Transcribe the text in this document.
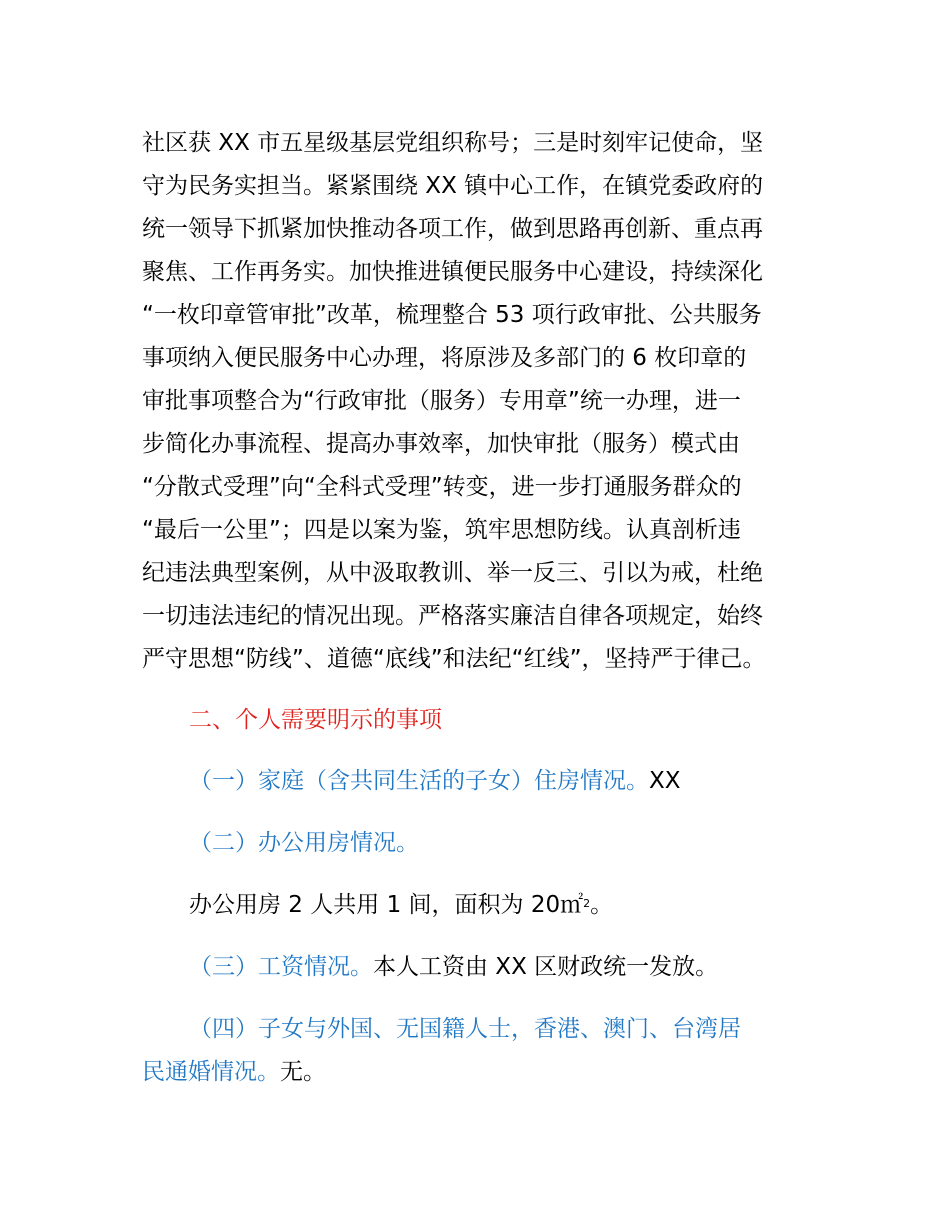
社区获 XX 市五星级基层党组织称号；三是时刻牢记使命，坚
守为民务实担当。紧紧围绕 XX 镇中心工作，在镇党委政府的
统一领导下抓紧加快推动各项工作，做到思路再创新、重点再
聚焦、工作再务实。加快推进镇便民服务中心建设，持续深化
“一枚印章管审批”改革，梳理整合 53 项行政审批、公共服务
事项纳入便民服务中心办理，将原涉及多部门的 6 枚印章的
审批事项整合为“行政审批（服务）专用章”统一办理，进一
步简化办事流程、提高办事效率，加快审批（服务）模式由
“分散式受理”向“全科式受理”转变，进一步打通服务群众的
“最后一公里”；四是以案为鉴，筑牢思想防线。认真剖析违
纪违法典型案例，从中汲取教训、举一反三、引以为戒，杜绝
一切违法违纪的情况出现。严格落实廉洁自律各项规定，始终
严守思想“防线”、道德“底线”和法纪“红线”，坚持严于律己。
二、个人需要明示的事项
（一）家庭（含共同生活的子女）住房情况。XX
（二）办公用房情况。
办公用房 2 人共用 1 间，面积为 20㎡$^2$。
（三）工资情况。本人工资由 XX 区财政统一发放。
（四）子女与外国、无国籍人士，香港、澳门、台湾居
民通婚情况。无。
